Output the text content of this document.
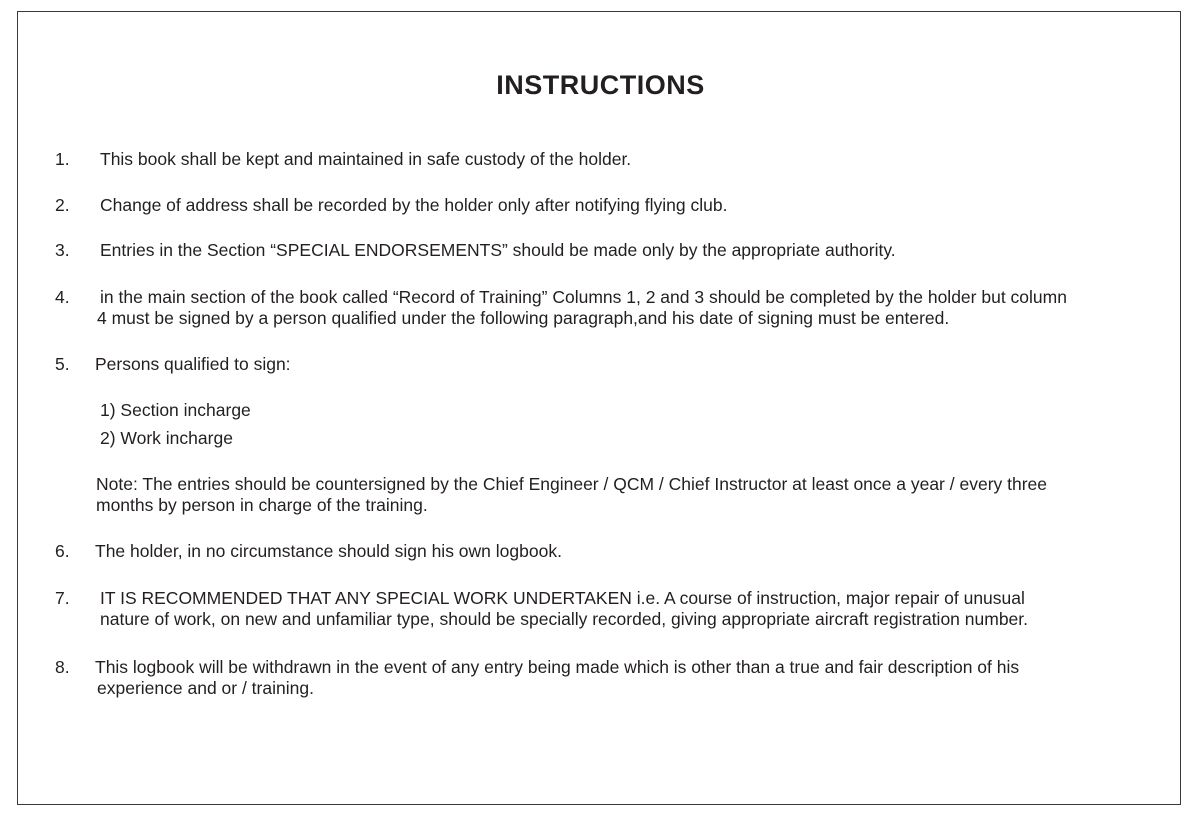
INSTRUCTIONS
1. This book shall be kept and maintained in safe custody of the holder.
2. Change of address shall be recorded by the holder only after notifying flying club.
3. Entries in the Section “SPECIAL ENDORSEMENTS” should be made only by the appropriate authority.
4. in the main section of the book called “Record of Training” Columns 1, 2 and 3 should be completed by the holder but column
4 must be signed by a person qualified under the following paragraph,and his date of signing must be entered.
5. Persons qualified to sign:
1) Section incharge
2) Work incharge
Note: The entries should be countersigned by the Chief Engineer / QCM / Chief Instructor at least once a year / every three
months by person in charge of the training.
6. The holder, in no circumstance should sign his own logbook.
7. IT IS RECOMMENDED THAT ANY SPECIAL WORK UNDERTAKEN i.e. A course of instruction, major repair of unusual
nature of work, on new and unfamiliar type, should be specially recorded, giving appropriate aircraft registration number.
8. This logbook will be withdrawn in the event of any entry being made which is other than a true and fair description of his
experience and or / training.
